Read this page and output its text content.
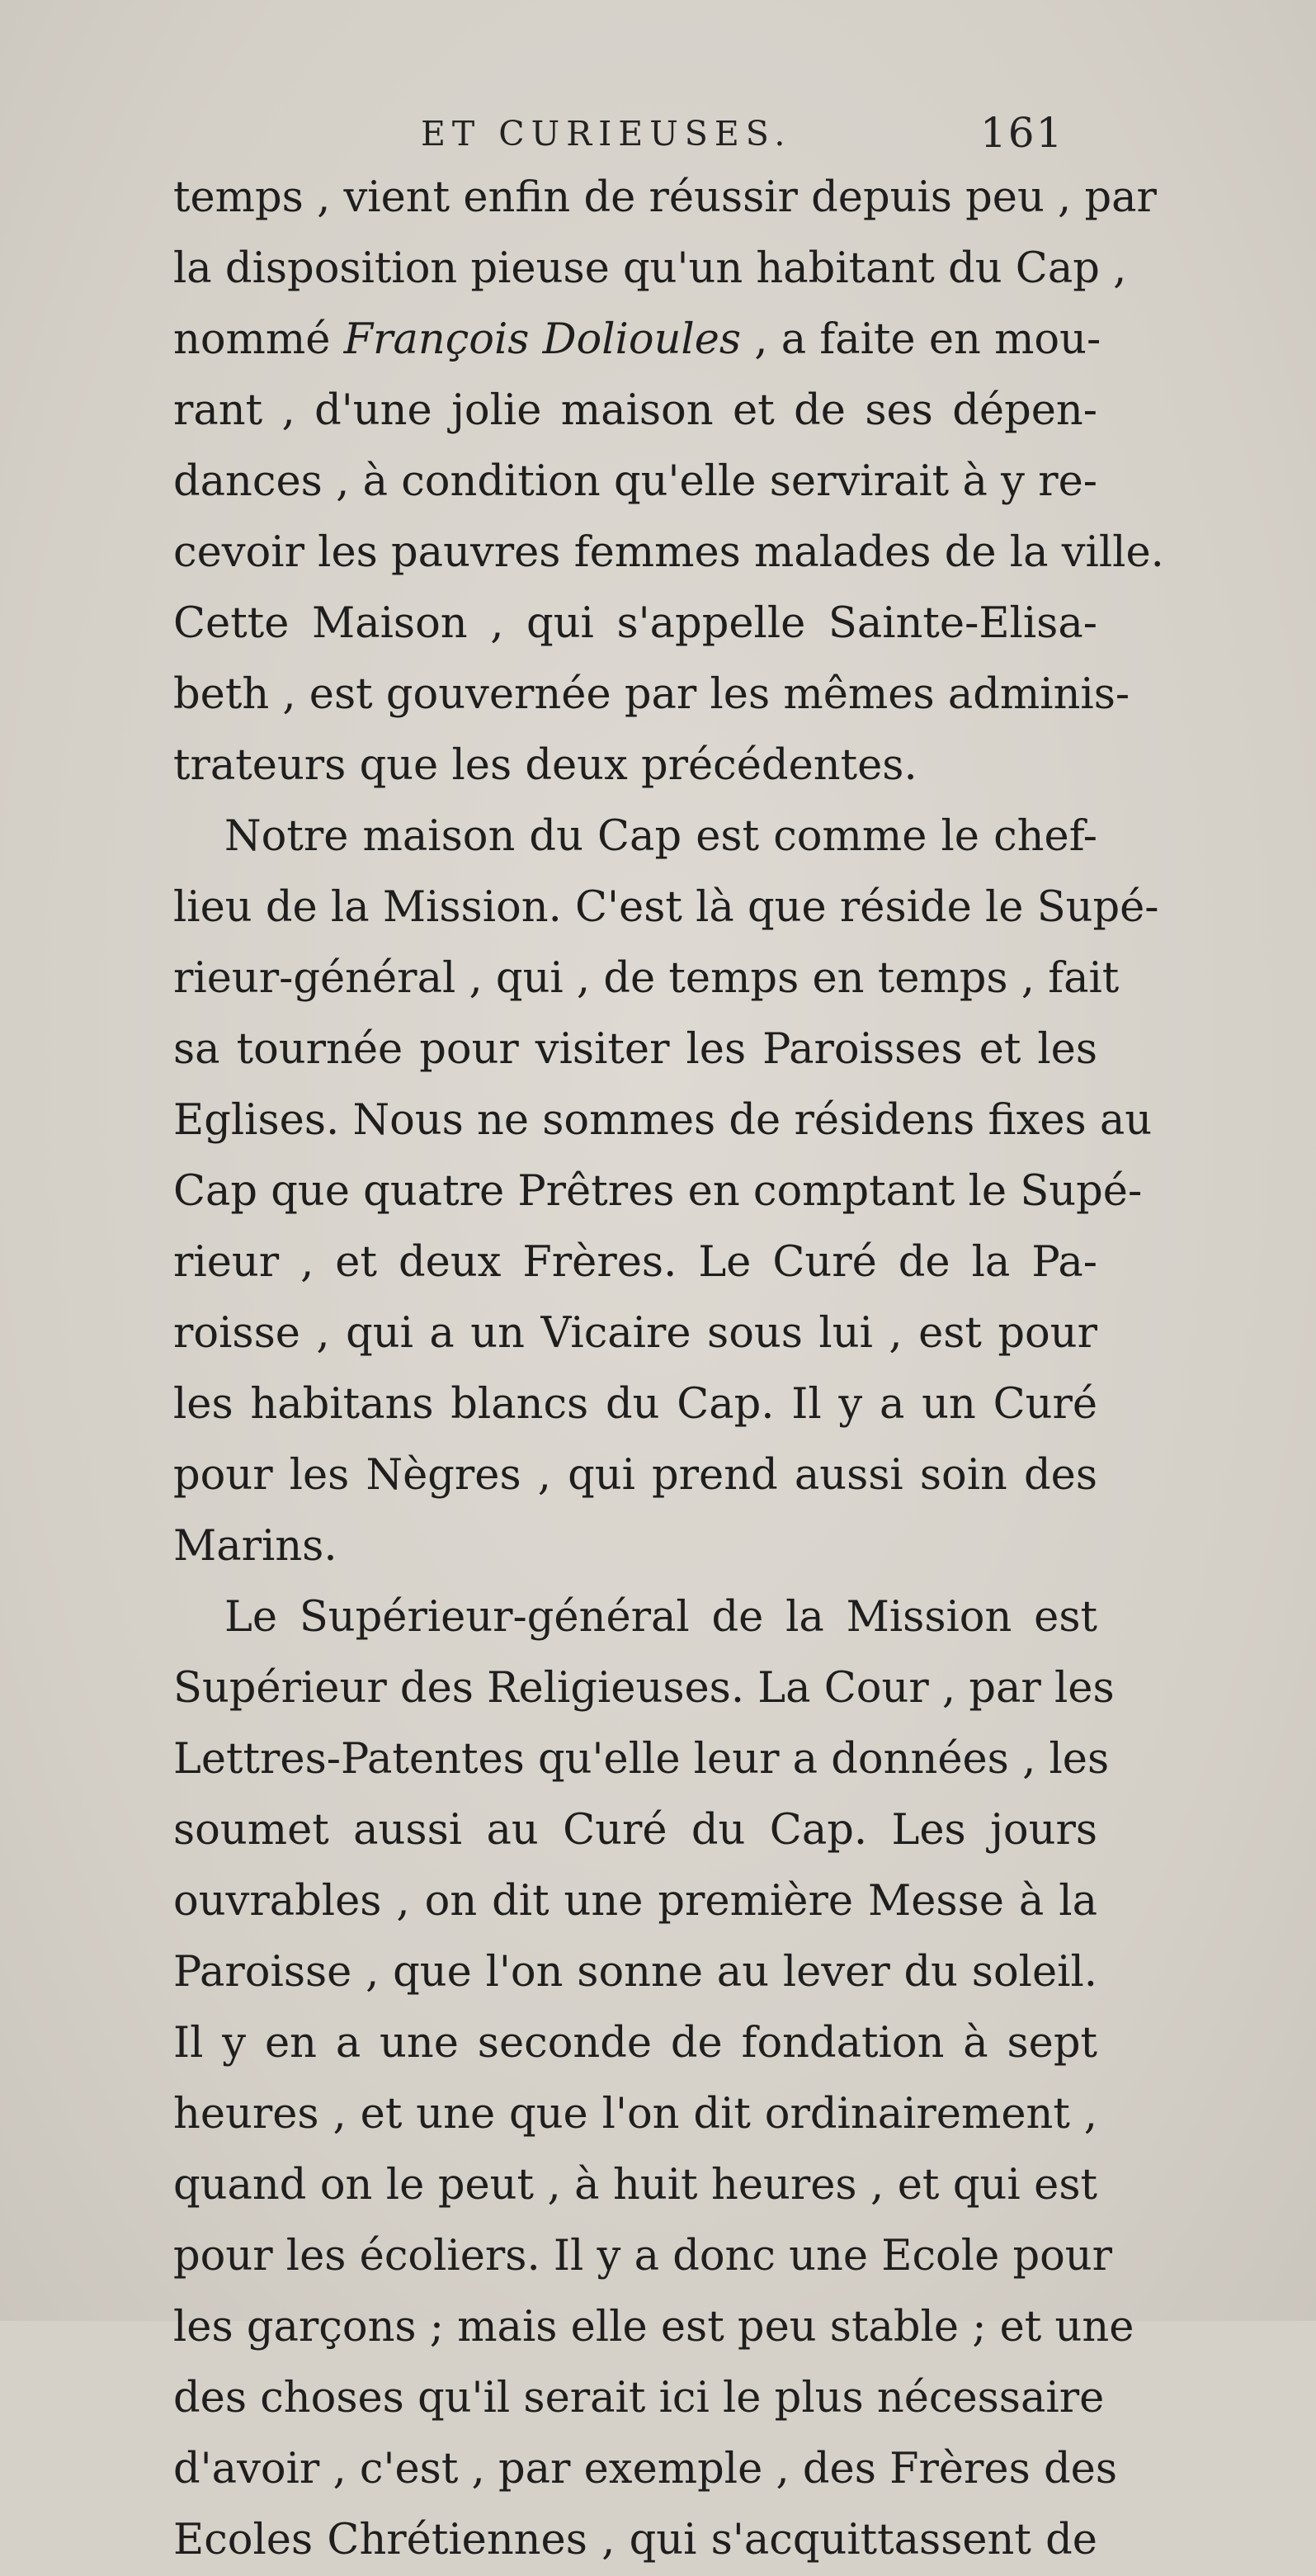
ET CURIEUSES.	161
temps , vient enfin de réussir depuis peu , par
la disposition pieuse qu'un habitant du Cap ,
nommé François Dolioules , a faite en mou-
rant , d'une jolie maison et de ses dépen-
dances , à condition qu'elle servirait à y re-
cevoir les pauvres femmes malades de la ville.
Cette Maison , qui s'appelle Sainte-Elisa-
beth , est gouvernée par les mêmes adminis-
trateurs que les deux précédentes.
Notre maison du Cap est comme le chef-
lieu de la Mission. C'est là que réside le Supé-
rieur-général , qui , de temps en temps , fait
sa tournée pour visiter les Paroisses et les
Eglises. Nous ne sommes de résidens fixes au
Cap que quatre Prêtres en comptant le Supé-
rieur , et deux Frères. Le Curé de la Pa-
roisse , qui a un Vicaire sous lui , est pour
les habitans blancs du Cap. Il y a un Curé
pour les Nègres , qui prend aussi soin des
Marins.
Le Supérieur-général de la Mission est
Supérieur des Religieuses. La Cour , par les
Lettres-Patentes qu'elle leur a données , les
soumet aussi au Curé du Cap. Les jours
ouvrables , on dit une première Messe à la
Paroisse , que l'on sonne au lever du soleil.
Il y en a une seconde de fondation à sept
heures , et une que l'on dit ordinairement ,
quand on le peut , à huit heures , et qui est
pour les écoliers. Il y a donc une Ecole pour
les garçons ; mais elle est peu stable ; et une
des choses qu'il serait ici le plus nécessaire
d'avoir , c'est , par exemple , des Frères des
Ecoles Chrétiennes , qui s'acquittassent de
